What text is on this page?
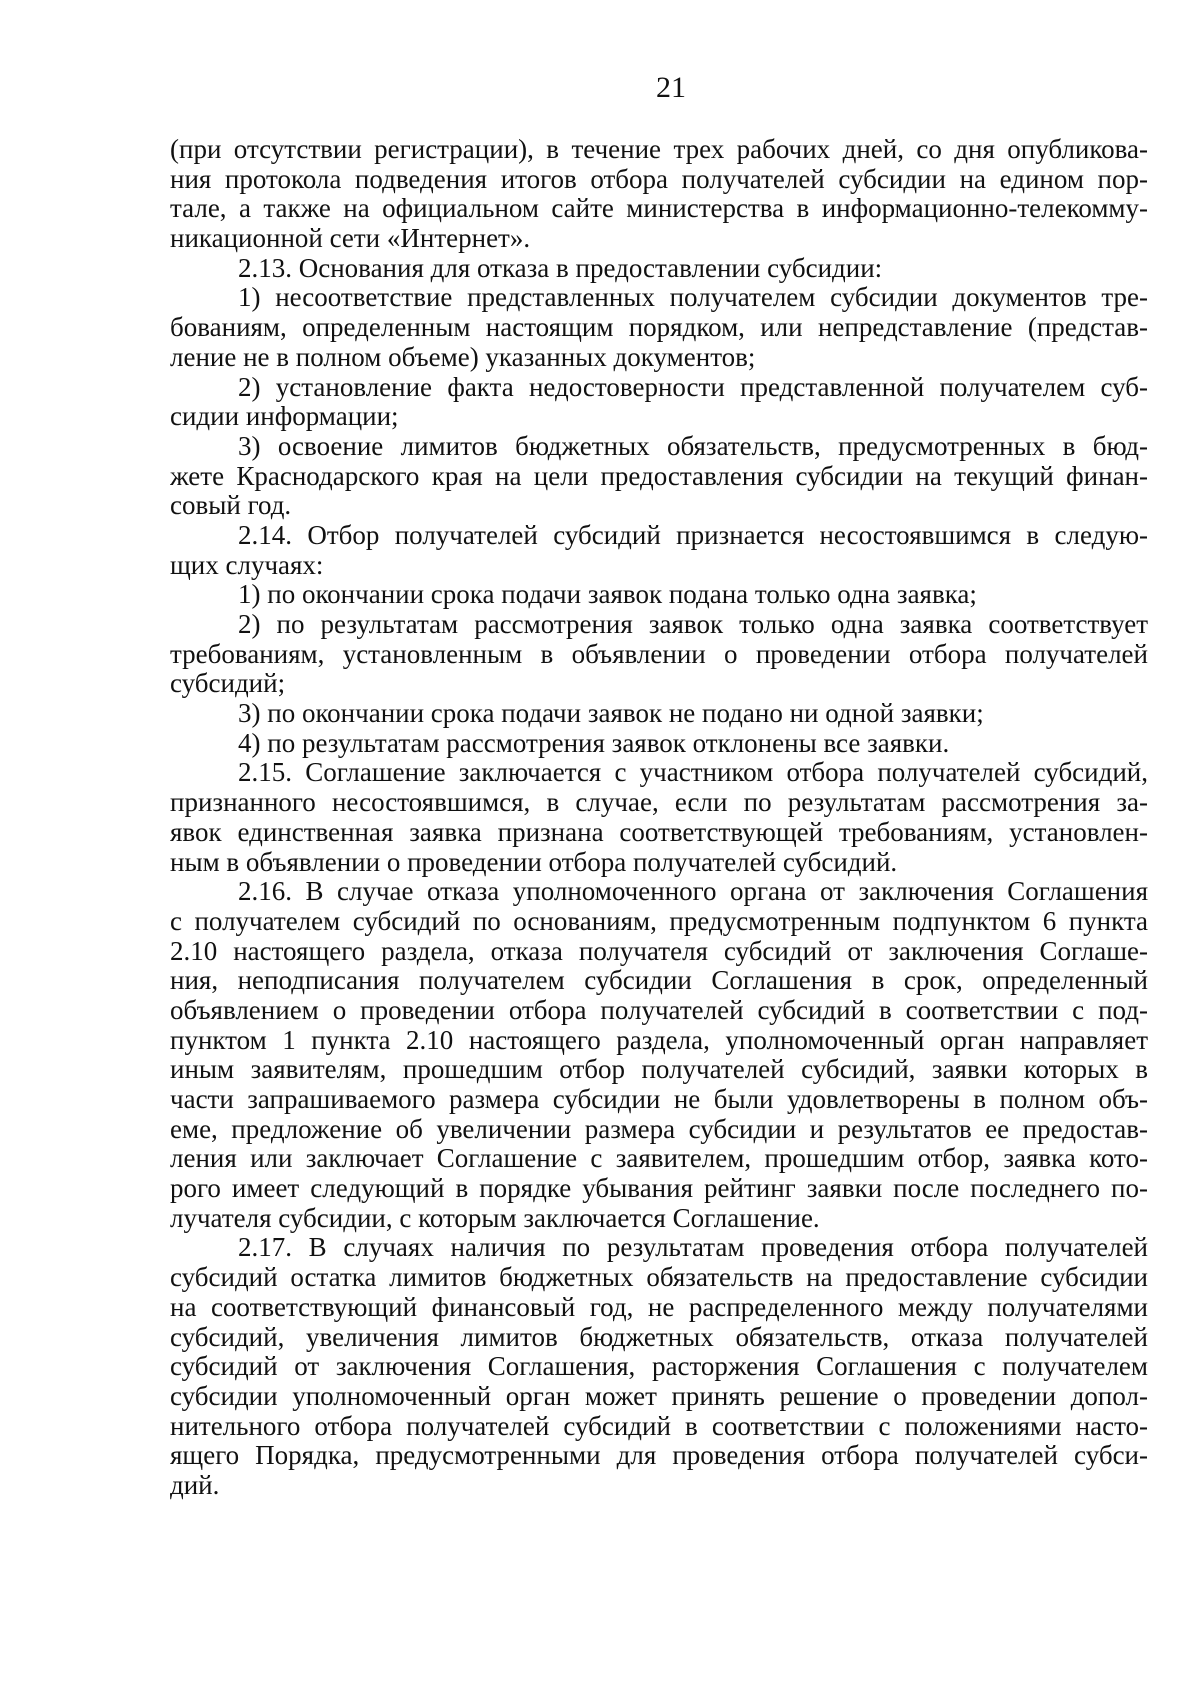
21
(при отсутствии регистрации), в течение трех рабочих дней, со дня опубликова-
ния протокола подведения итогов отбора получателей субсидии на едином пор-
тале, а также на официальном сайте министерства в информационно-телекомму-
никационной сети «Интернет».
2.13. Основания для отказа в предоставлении субсидии:
1) несоответствие представленных получателем субсидии документов тре-
бованиям, определенным настоящим порядком, или непредставление (представ-
ление не в полном объеме) указанных документов;
2) установление факта недостоверности представленной получателем суб-
сидии информации;
3) освоение лимитов бюджетных обязательств, предусмотренных в бюд-
жете Краснодарского края на цели предоставления субсидии на текущий финан-
совый год.
2.14. Отбор получателей субсидий признается несостоявшимся в следую-
щих случаях:
1) по окончании срока подачи заявок подана только одна заявка;
2) по результатам рассмотрения заявок только одна заявка соответствует
требованиям, установленным в объявлении о проведении отбора получателей
субсидий;
3) по окончании срока подачи заявок не подано ни одной заявки;
4) по результатам рассмотрения заявок отклонены все заявки.
2.15. Соглашение заключается с участником отбора получателей субсидий,
признанного несостоявшимся, в случае, если по результатам рассмотрения за-
явок единственная заявка признана соответствующей требованиям, установлен-
ным в объявлении о проведении отбора получателей субсидий.
2.16. В случае отказа уполномоченного органа от заключения Соглашения
с получателем субсидий по основаниям, предусмотренным подпунктом 6 пункта
2.10 настоящего раздела, отказа получателя субсидий от заключения Соглаше-
ния, неподписания получателем субсидии Соглашения в срок, определенный
объявлением о проведении отбора получателей субсидий в соответствии с под-
пунктом 1 пункта 2.10 настоящего раздела, уполномоченный орган направляет
иным заявителям, прошедшим отбор получателей субсидий, заявки которых в
части запрашиваемого размера субсидии не были удовлетворены в полном объ-
еме, предложение об увеличении размера субсидии и результатов ее предостав-
ления или заключает Соглашение с заявителем, прошедшим отбор, заявка кото-
рого имеет следующий в порядке убывания рейтинг заявки после последнего по-
лучателя субсидии, с которым заключается Соглашение.
2.17. В случаях наличия по результатам проведения отбора получателей
субсидий остатка лимитов бюджетных обязательств на предоставление субсидии
на соответствующий финансовый год, не распределенного между получателями
субсидий, увеличения лимитов бюджетных обязательств, отказа получателей
субсидий от заключения Соглашения, расторжения Соглашения с получателем
субсидии уполномоченный орган может принять решение о проведении допол-
нительного отбора получателей субсидий в соответствии с положениями насто-
ящего Порядка, предусмотренными для проведения отбора получателей субси-
дий.
